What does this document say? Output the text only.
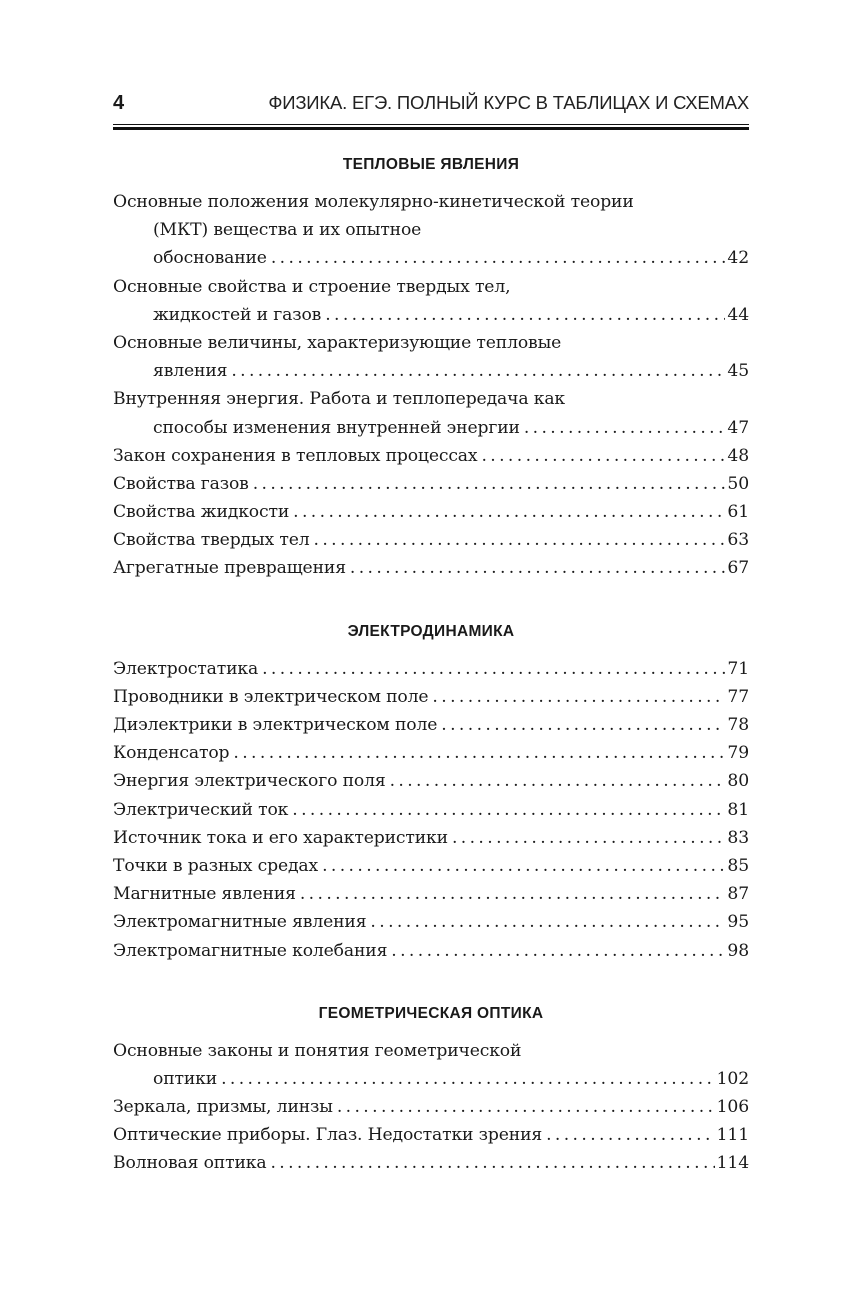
4	ФИЗИКА. ЕГЭ. ПОЛНЫЙ КУРС В ТАБЛИЦАХ И СХЕМАХ
ТЕПЛОВЫЕ ЯВЛЕНИЯ
Основные положения молекулярно-кинетической теории
(МКТ) вещества и их опытное
обоснование . . .	42
Основные свойства и строение твердых тел,
жидкостей и газов . . .	44
Основные величины, характеризующие тепловые
явления . . .	45
Внутренняя энергия. Работа и теплопередача как
способы изменения внутренней энергии . . .	47
Закон сохранения в тепловых процессах . . .	48
Свойства газов . . .	50
Свойства жидкости . . .	61
Свойства твердых тел . . .	63
Агрегатные превращения . . .	67
ЭЛЕКТРОДИНАМИКА
Электростатика . . .	71
Проводники в электрическом поле . . .	77
Диэлектрики в электрическом поле . . .	78
Конденсатор . . .	79
Энергия электрического поля . . .	80
Электрический ток . . .	81
Источник тока и его характеристики . . .	83
Точки в разных средах . . .	85
Магнитные явления . . .	87
Электромагнитные явления . . .	95
Электромагнитные колебания . . .	98
ГЕОМЕТРИЧЕСКАЯ ОПТИКА
Основные законы и понятия геометрической
оптики . . .	102
Зеркала, призмы, линзы . . .	106
Оптические приборы. Глаз. Недостатки зрения . . .	111
Волновая оптика . . .	114
